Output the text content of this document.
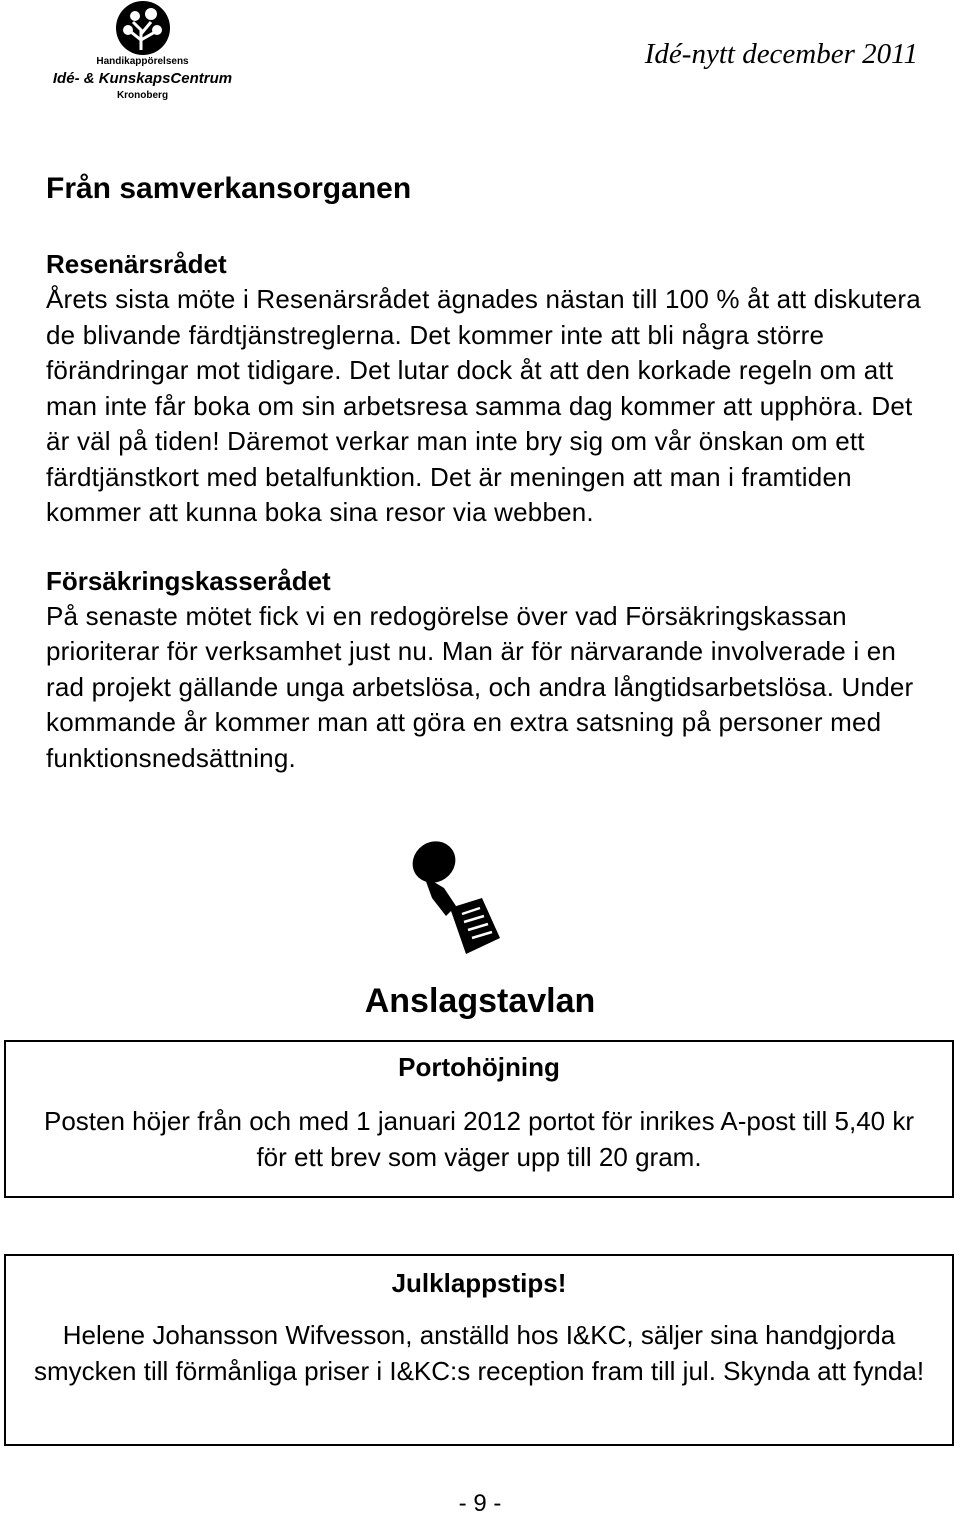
Handikappörelsens
Idé- & KunskapsCentrum
Kronoberg
Idé-nytt december 2011

Från samverkansorganen

Resenärsrådet

Årets sista möte i Resenärsrådet ägnades nästan till 100 % åt att diskutera de blivande färdtjänstreglerna. Det kommer inte att bli några större förändringar mot tidigare. Det lutar dock åt att den korkade regeln om att man inte får boka om sin arbetsresa samma dag kommer att upphöra. Det är väl på tiden! Däremot verkar man inte bry sig om vår önskan om ett färdtjänstkort med betalfunktion. Det är meningen att man i framtiden kommer att kunna boka sina resor via webben.

Försäkringskasserådet

På senaste mötet fick vi en redogörelse över vad Försäkringskassan prioriterar för verksamhet just nu. Man är för närvarande involverade i en rad projekt gällande unga arbetslösa, och andra långtidsarbetslösa. Under kommande år kommer man att göra en extra satsning på personer med funktionsnedsättning.

Anslagstavlan
Portohöjning
Posten höjer från och med 1 januari 2012 portot för inrikes A-post till 5,40 kr för ett brev som väger upp till 20 gram.
Julklappstips!
Helene Johansson Wifvesson, anställd hos I&KC, säljer sina handgjorda smycken till förmånliga priser i I&KC:s reception fram till jul. Skynda att fynda!
- 9 -
